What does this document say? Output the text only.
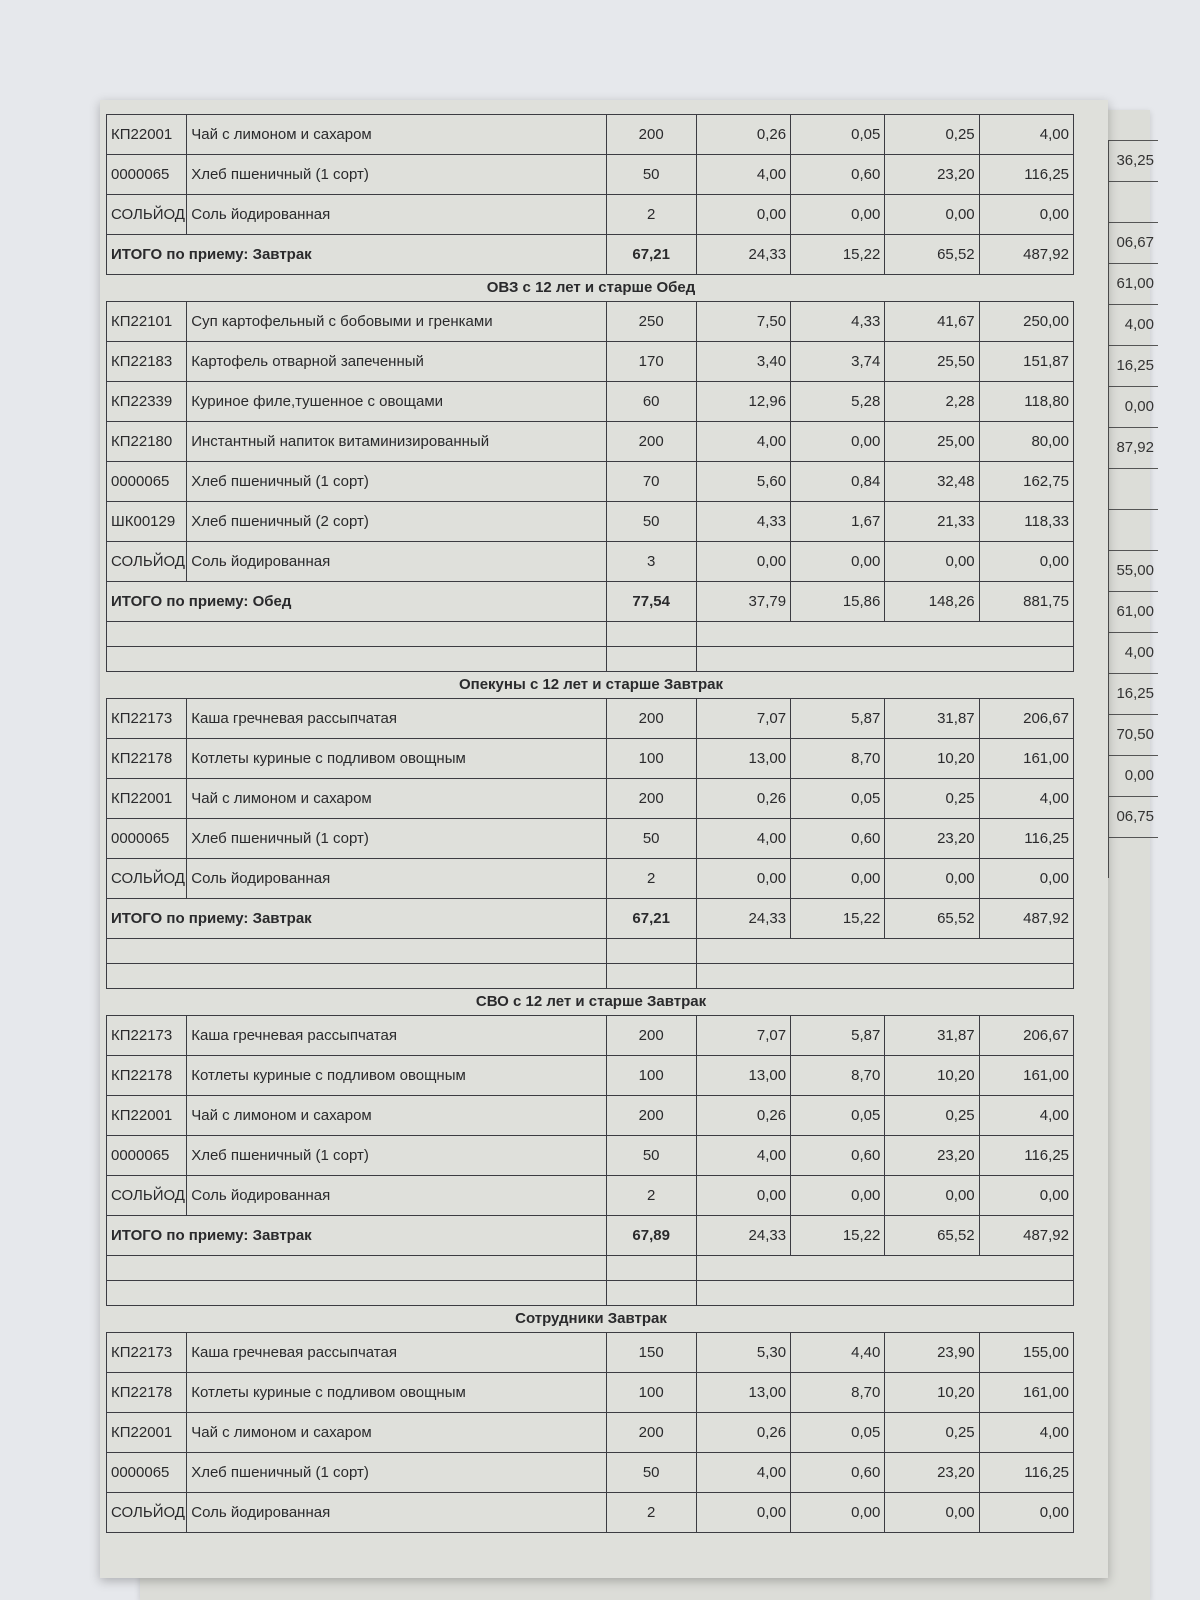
36,25
06,67
61,00
4,00
16,25
0,00
87,92
55,00
61,00
4,00
16,25
70,50
0,00
06,75
КП22001	Чай с лимоном и сахаром	200	0,26	0,05	0,25	4,00
0000065	Хлеб пшеничный (1 сорт)	50	4,00	0,60	23,20	116,25
СОЛЬЙОД	Соль йодированная	2	0,00	0,00	0,00	0,00
ИТОГО по приему: Завтрак		67,21	24,33	15,22	65,52	487,92
ОВЗ с 12 лет и старше Обед
КП22101	Суп картофельный с бобовыми и гренками	250	7,50	4,33	41,67	250,00
КП22183	Картофель отварной запеченный	170	3,40	3,74	25,50	151,87
КП22339	Куриное филе,тушенное с овощами	60	12,96	5,28	2,28	118,80
КП22180	Инстантный напиток витаминизированный	200	4,00	0,00	25,00	80,00
0000065	Хлеб пшеничный (1 сорт)	70	5,60	0,84	32,48	162,75
ШК00129	Хлеб пшеничный (2 сорт)	50	4,33	1,67	21,33	118,33
СОЛЬЙОД	Соль йодированная	3	0,00	0,00	0,00	0,00
ИТОГО по приему: Обед		77,54	37,79	15,86	148,26	881,75

Опекуны с 12 лет и старше Завтрак
КП22173	Каша гречневая рассыпчатая	200	7,07	5,87	31,87	206,67
КП22178	Котлеты куриные с подливом овощным	100	13,00	8,70	10,20	161,00
КП22001	Чай с лимоном и сахаром	200	0,26	0,05	0,25	4,00
0000065	Хлеб пшеничный (1 сорт)	50	4,00	0,60	23,20	116,25
СОЛЬЙОД	Соль йодированная	2	0,00	0,00	0,00	0,00
ИТОГО по приему: Завтрак		67,21	24,33	15,22	65,52	487,92

СВО с 12 лет и старше Завтрак
КП22173	Каша гречневая рассыпчатая	200	7,07	5,87	31,87	206,67
КП22178	Котлеты куриные с подливом овощным	100	13,00	8,70	10,20	161,00
КП22001	Чай с лимоном и сахаром	200	0,26	0,05	0,25	4,00
0000065	Хлеб пшеничный (1 сорт)	50	4,00	0,60	23,20	116,25
СОЛЬЙОД	Соль йодированная	2	0,00	0,00	0,00	0,00
ИТОГО по приему: Завтрак		67,89	24,33	15,22	65,52	487,92

Сотрудники Завтрак
КП22173	Каша гречневая рассыпчатая	150	5,30	4,40	23,90	155,00
КП22178	Котлеты куриные с подливом овощным	100	13,00	8,70	10,20	161,00
КП22001	Чай с лимоном и сахаром	200	0,26	0,05	0,25	4,00
0000065	Хлеб пшеничный (1 сорт)	50	4,00	0,60	23,20	116,25
СОЛЬЙОД	Соль йодированная	2	0,00	0,00	0,00	0,00
